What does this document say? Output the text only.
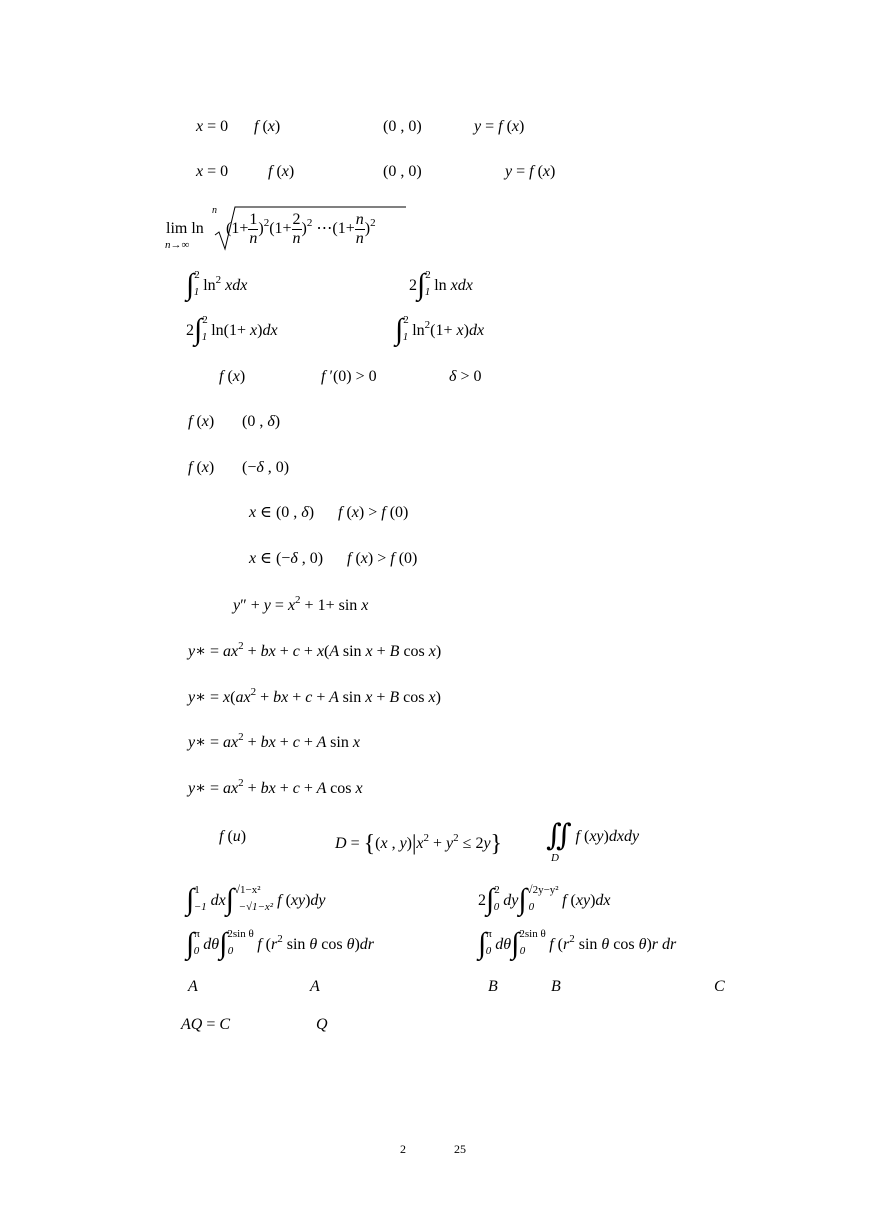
x = 0 f (x)	(0 , 0)	y = f (x)
x = 0 f (x)	(0 , 0)	y = f (x)
lim ln
n→∞
n
$(1+ \frac{1}{n} )^2(1+ \frac{2}{n} )^2$ ⋯(1+ $\frac{n}{n} )^2$
∫$^2_1$ $\ln^2$ xdx	2∫$^2_1$ ln xdx
2∫$^2_1$ ln(1+ x)dx	∫$^2_1$ $\ln^2(1+ x)dx$
f (x)	f ′(0) > 0	δ > 0
f (x) (0 , δ)
f (x) (−δ , 0)
x ∈ (0 , δ) f (x) > f (0)
x ∈ (−δ , 0) f (x) > f (0)
$y'' + y = x^2 + 1+ \sin x$
y∗ = $ax^2$ + bx + c + x(A sin x + B cos x)
y∗ = $x(ax^2$ + bx + c + A sin x + B cos x)
y∗ = $ax^2$ + bx + c + A sin x
y∗ = $ax^2$ + bx + c + A cos x
f (u)	D = {(x , $y)|x^2 + y^2 \le 2y$} ∬ f (xy)dxdy
D
∫$^1_{-1}$ dx∫$^{√1-x^2}_{-√1-x^2}$ f (xy)dy	2∫$^2_0$ dy∫$^{√2y-y^2}_0$ f (xy)dx
∫$^\pi_0$ dθ∫$^{2sin \theta}_0$ f ($r^2$ sin θ cos θ)dr	∫$^\pi_0$ dθ∫$^{2sin \theta}_0$ f ($r^2$ sin θ cos θ)r dr
A	A	B	B	C
AQ = C	Q
2	25
